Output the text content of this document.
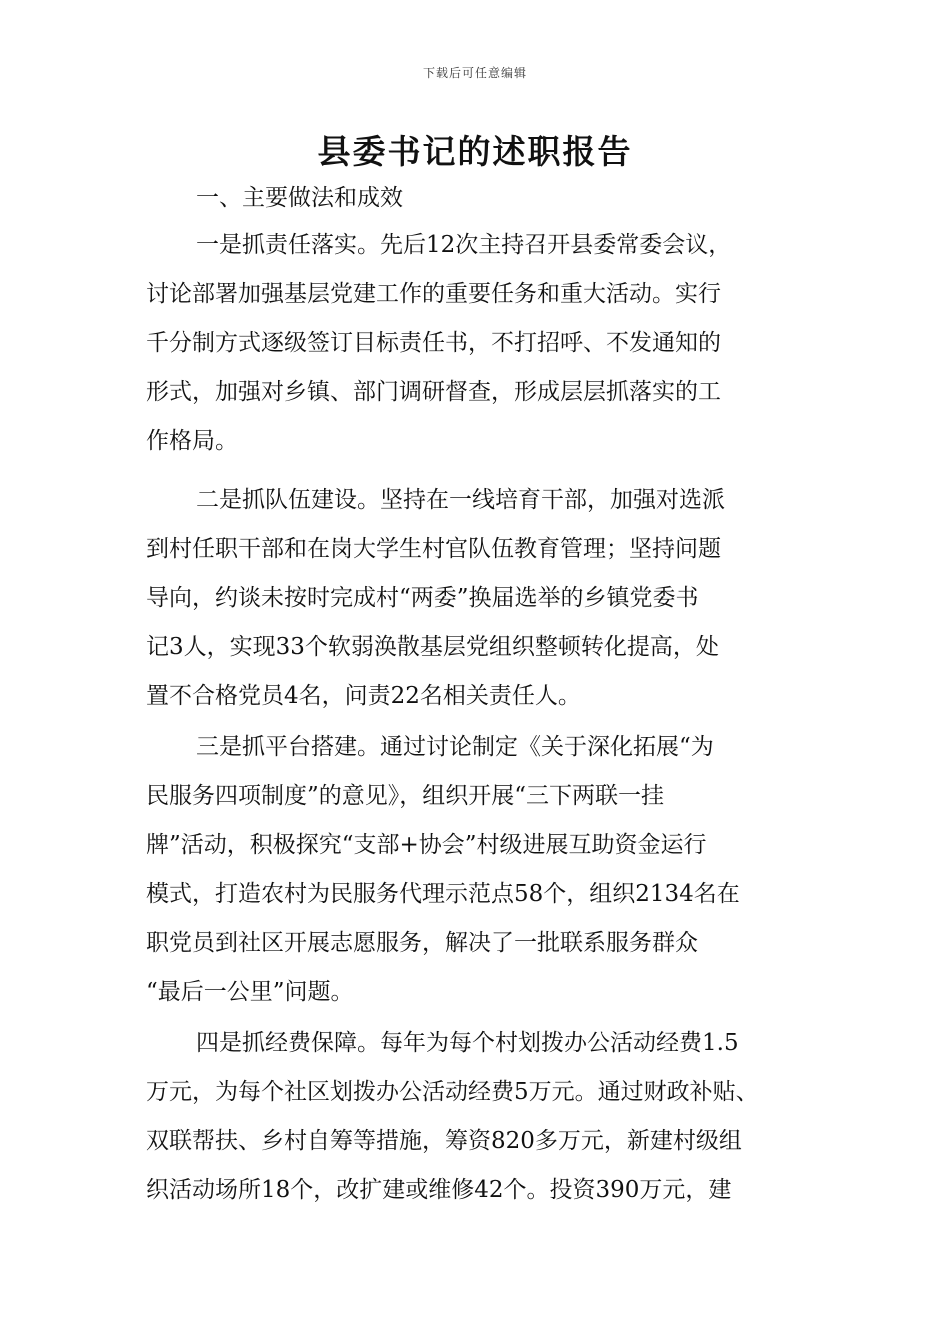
下载后可任意编辑
县委书记的述职报告

一、主要做法和成效

一是抓责任落实。先后12次主持召开县委常委会议，
讨论部署加强基层党建工作的重要任务和重大活动。实行
千分制方式逐级签订目标责任书，不打招呼、不发通知的
形式，加强对乡镇、部门调研督查，形成层层抓落实的工
作格局。
二是抓队伍建设。坚持在一线培育干部，加强对选派
到村任职干部和在岗大学生村官队伍教育管理；坚持问题
导向，约谈未按时完成村“两委”换届选举的乡镇党委书
记3人，实现33个软弱涣散基层党组织整顿转化提高，处
置不合格党员4名，问责22名相关责任人。
三是抓平台搭建。通过讨论制定《关于深化拓展“为
民服务四项制度”的意见》，组织开展“三下两联一挂
牌”活动，积极探究“支部+协会”村级进展互助资金运行
模式，打造农村为民服务代理示范点58个，组织2134名在
职党员到社区开展志愿服务，解决了一批联系服务群众
“最后一公里”问题。
四是抓经费保障。每年为每个村划拨办公活动经费1.5
万元，为每个社区划拨办公活动经费5万元。通过财政补贴、
双联帮扶、乡村自筹等措施，筹资820多万元，新建村级组
织活动场所18个，改扩建或维修42个。投资390万元，建
